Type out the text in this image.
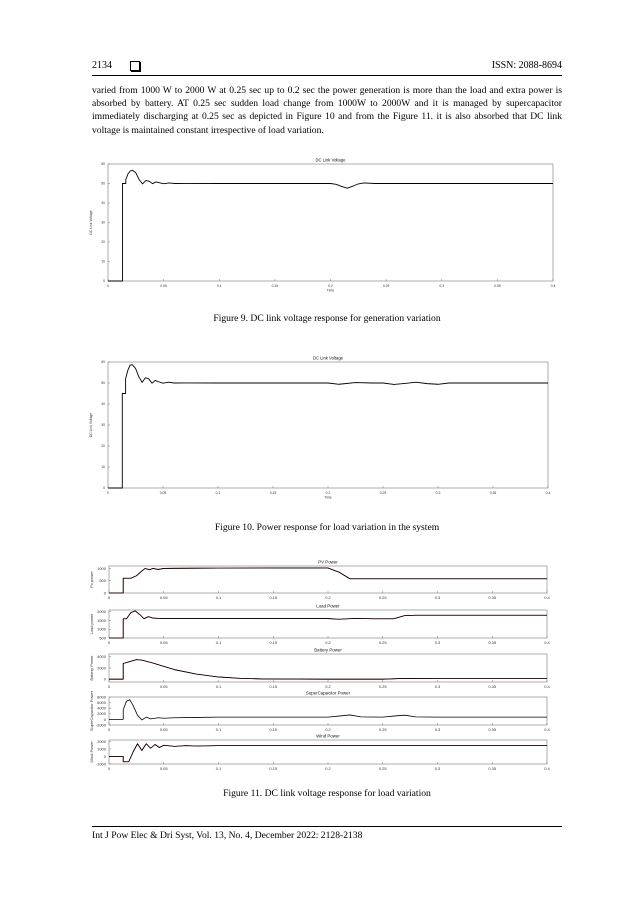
2134	ISSN: 2088-8694

varied from 1000 W to 2000 W at 0.25 sec up to 0.2 sec the power generation is more than the load and extra power is absorbed by battery. AT 0.25 sec sudden load change from 1000W to 2000W and it is managed by supercapacitor immediately discharging at 0.25 sec as depicted in Figure 10 and from the Figure 11. it is also absorbed that DC link voltage is maintained constant irrespective of load variation.

DC Link Voltage
0	0.05	0.1	0.15	0.2	0.25	0.3	0.35	0.4
0
10
20
30
40
50
60
Time
DC Link Voltage
Figure 9. DC link voltage response for generation variation
DC Link Voltage
0	0.05	0.1	0.15	0.2	0.25	0.3	0.35	0.4
0
10
20
30
40
50
60
Time
DC Link Voltage
Figure 10. Power response for load variation in the system
PV Power
0	0.05	0.1	0.15	0.2	0.25	0.3	0.35	0.4
0
500
1000
Pv power
Load Power
0	0.05	0.1	0.15	0.2	0.25	0.3	0.35	0.4
500
1000
1500
2000
Load power
Battery Power
0	0.05	0.1	0.15	0.2	0.25	0.3	0.35	0.4
0
2000
4000
Battery Power
SuperCapacitor Power
0	0.05	0.1	0.15	0.2	0.25	0.3	0.35	0.4
-2000
0
2000
4000
6000
8000
SuperCapacitor Power
Wind Power
0	0.05	0.1	0.15	0.2	0.25	0.3	0.35	0.4
-1000
0
1000
2000
Wind Power
Figure 11. DC link voltage response for load variation
Int J Pow Elec & Dri Syst, Vol. 13, No. 4, December 2022: 2128-2138
